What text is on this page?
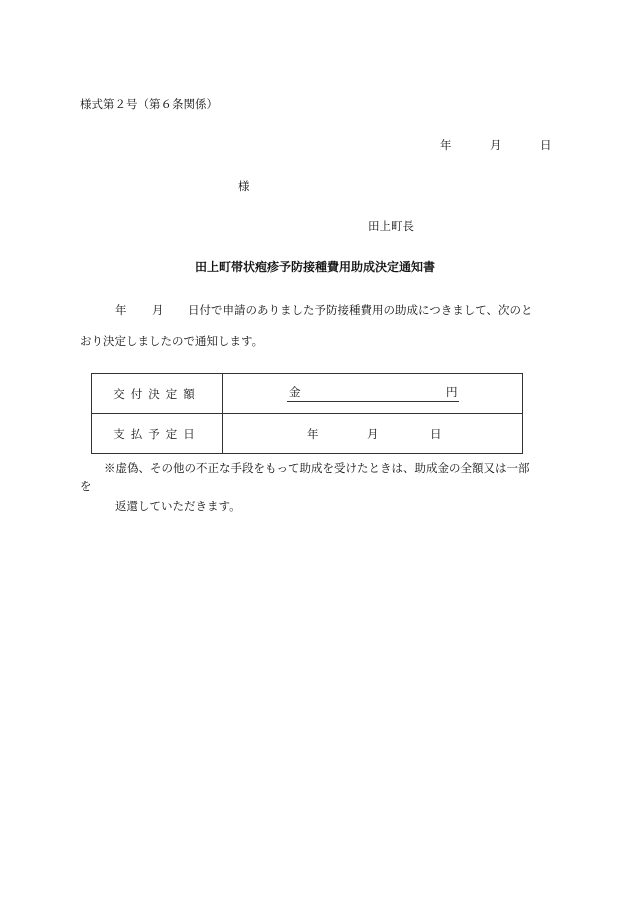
様式第２号（第６条関係）
年	月	日
様
田上町長
田上町帯状疱疹予防接種費用助成決定通知書
年 月 日付で申請のありました予防接種費用の助成につきまして、次のと
おり決定しましたので通知します。
交付決定額	金 円

支払予定日	年 月 日
※虚偽、その他の不正な手段をもって助成を受けたときは、助成金の全額又は一部
を
返還していただきます。
